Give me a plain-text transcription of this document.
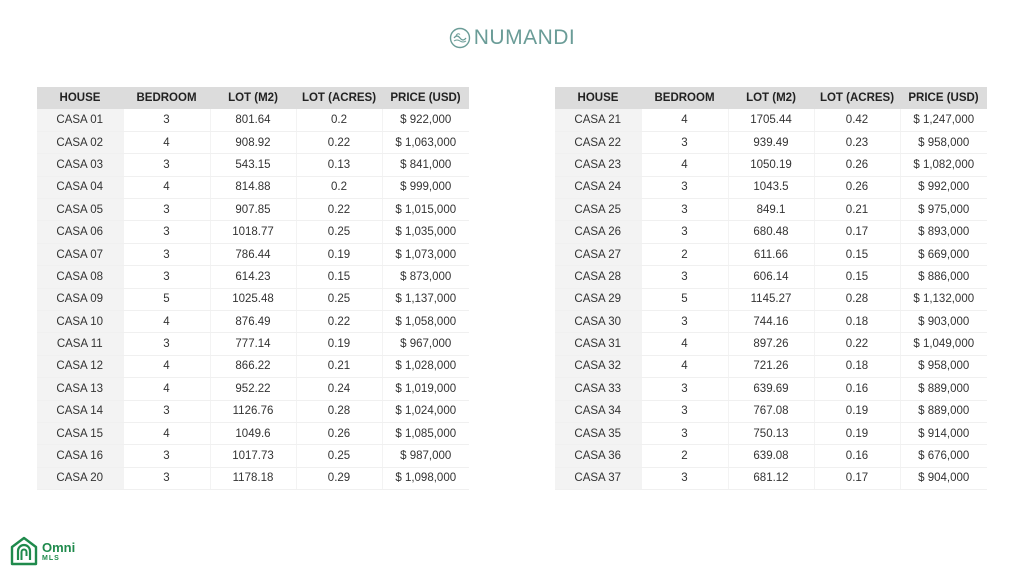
NUMANDI
HOUSE	BEDROOM	LOT (M2)	LOT (ACRES)	PRICE (USD)
CASA 01	3	801.64	0.2	$ 922,000
CASA 02	4	908.92	0.22	$ 1,063,000
CASA 03	3	543.15	0.13	$ 841,000
CASA 04	4	814.88	0.2	$ 999,000
CASA 05	3	907.85	0.22	$ 1,015,000
CASA 06	3	1018.77	0.25	$ 1,035,000
CASA 07	3	786.44	0.19	$ 1,073,000
CASA 08	3	614.23	0.15	$ 873,000
CASA 09	5	1025.48	0.25	$ 1,137,000
CASA 10	4	876.49	0.22	$ 1,058,000
CASA 11	3	777.14	0.19	$ 967,000
CASA 12	4	866.22	0.21	$ 1,028,000
CASA 13	4	952.22	0.24	$ 1,019,000
CASA 14	3	1126.76	0.28	$ 1,024,000
CASA 15	4	1049.6	0.26	$ 1,085,000
CASA 16	3	1017.73	0.25	$ 987,000
CASA 20	3	1178.18	0.29	$ 1,098,000
HOUSE	BEDROOM	LOT (M2)	LOT (ACRES)	PRICE (USD)
CASA 21	4	1705.44	0.42	$ 1,247,000
CASA 22	3	939.49	0.23	$ 958,000
CASA 23	4	1050.19	0.26	$ 1,082,000
CASA 24	3	1043.5	0.26	$ 992,000
CASA 25	3	849.1	0.21	$ 975,000
CASA 26	3	680.48	0.17	$ 893,000
CASA 27	2	611.66	0.15	$ 669,000
CASA 28	3	606.14	0.15	$ 886,000
CASA 29	5	1145.27	0.28	$ 1,132,000
CASA 30	3	744.16	0.18	$ 903,000
CASA 31	4	897.26	0.22	$ 1,049,000
CASA 32	4	721.26	0.18	$ 958,000
CASA 33	3	639.69	0.16	$ 889,000
CASA 34	3	767.08	0.19	$ 889,000
CASA 35	3	750.13	0.19	$ 914,000
CASA 36	2	639.08	0.16	$ 676,000
CASA 37	3	681.12	0.17	$ 904,000
Omni
MLS
